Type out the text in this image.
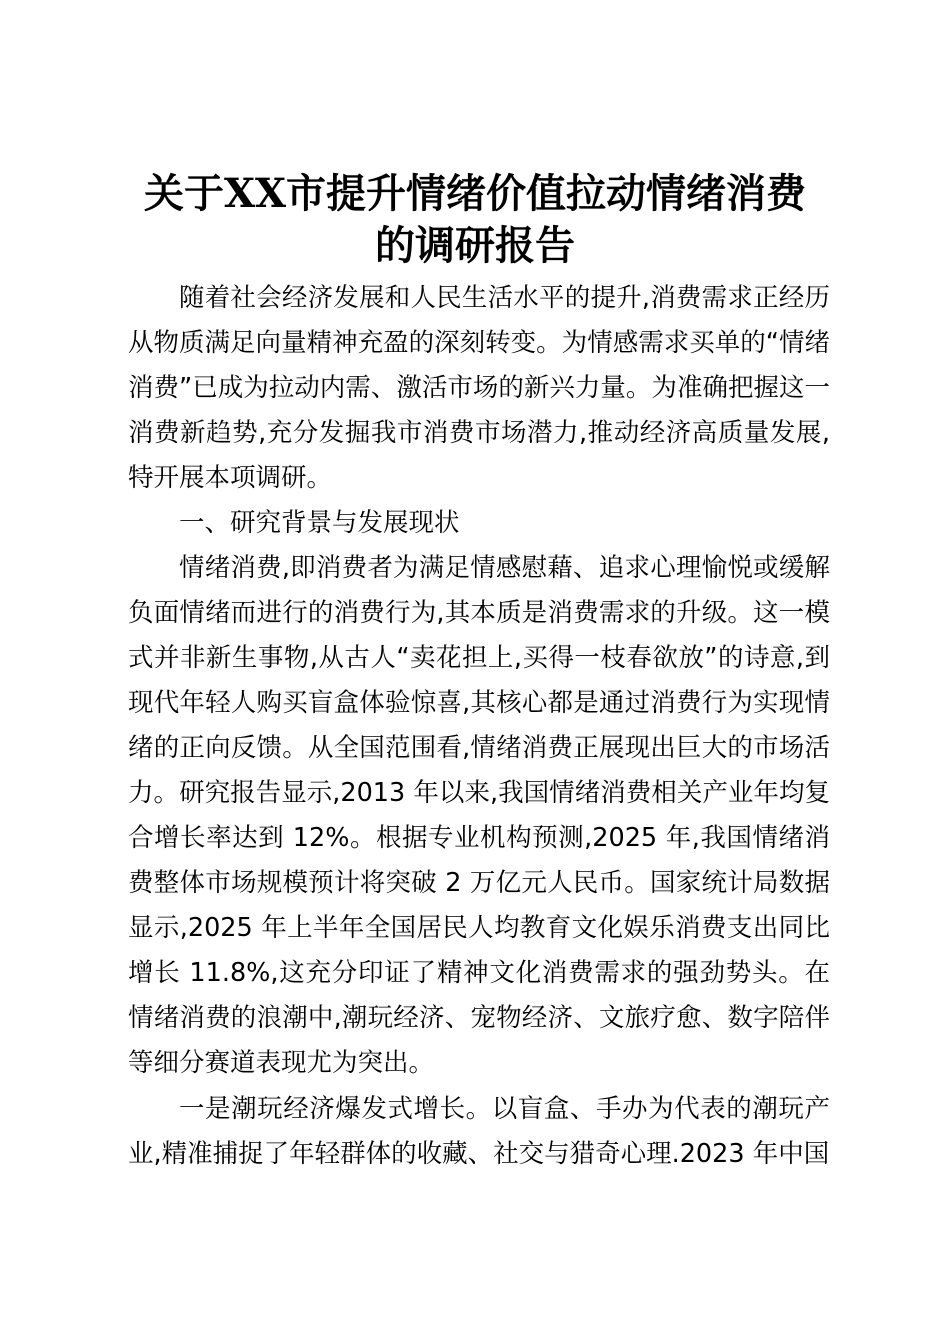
关于XX市提升情绪价值拉动情绪消费
的调研报告

随着社会经济发展和人民生活水平的提升,消费需求正经历从物质满足向量精神充盈的深刻转变。为情感需求买单的“情绪消费”已成为拉动内需、激活市场的新兴力量。为准确把握这一消费新趋势,充分发掘我市消费市场潜力,推动经济高质量发展,特开展本项调研。

一、研究背景与发展现状

情绪消费,即消费者为满足情感慰藉、追求心理愉悦或缓解负面情绪而进行的消费行为,其本质是消费需求的升级。这一模式并非新生事物,从古人“卖花担上,买得一枝春欲放”的诗意,到现代年轻人购买盲盒体验惊喜,其核心都是通过消费行为实现情绪的正向反馈。从全国范围看,情绪消费正展现出巨大的市场活力。研究报告显示,2013 年以来,我国情绪消费相关产业年均复合增长率达到 12%。根据专业机构预测,2025 年,我国情绪消费整体市场规模预计将突破 2 万亿元人民币。国家统计局数据显示,2025 年上半年全国居民人均教育文化娱乐消费支出同比增长 11.8%,这充分印证了精神文化消费需求的强劲势头。在情绪消费的浪潮中,潮玩经济、宠物经济、文旅疗愈、数字陪伴等细分赛道表现尤为突出。

一是潮玩经济爆发式增长。以盲盒、手办为代表的潮玩产业,精准捕捉了年轻群体的收藏、社交与猎奇心理.2023 年中国
